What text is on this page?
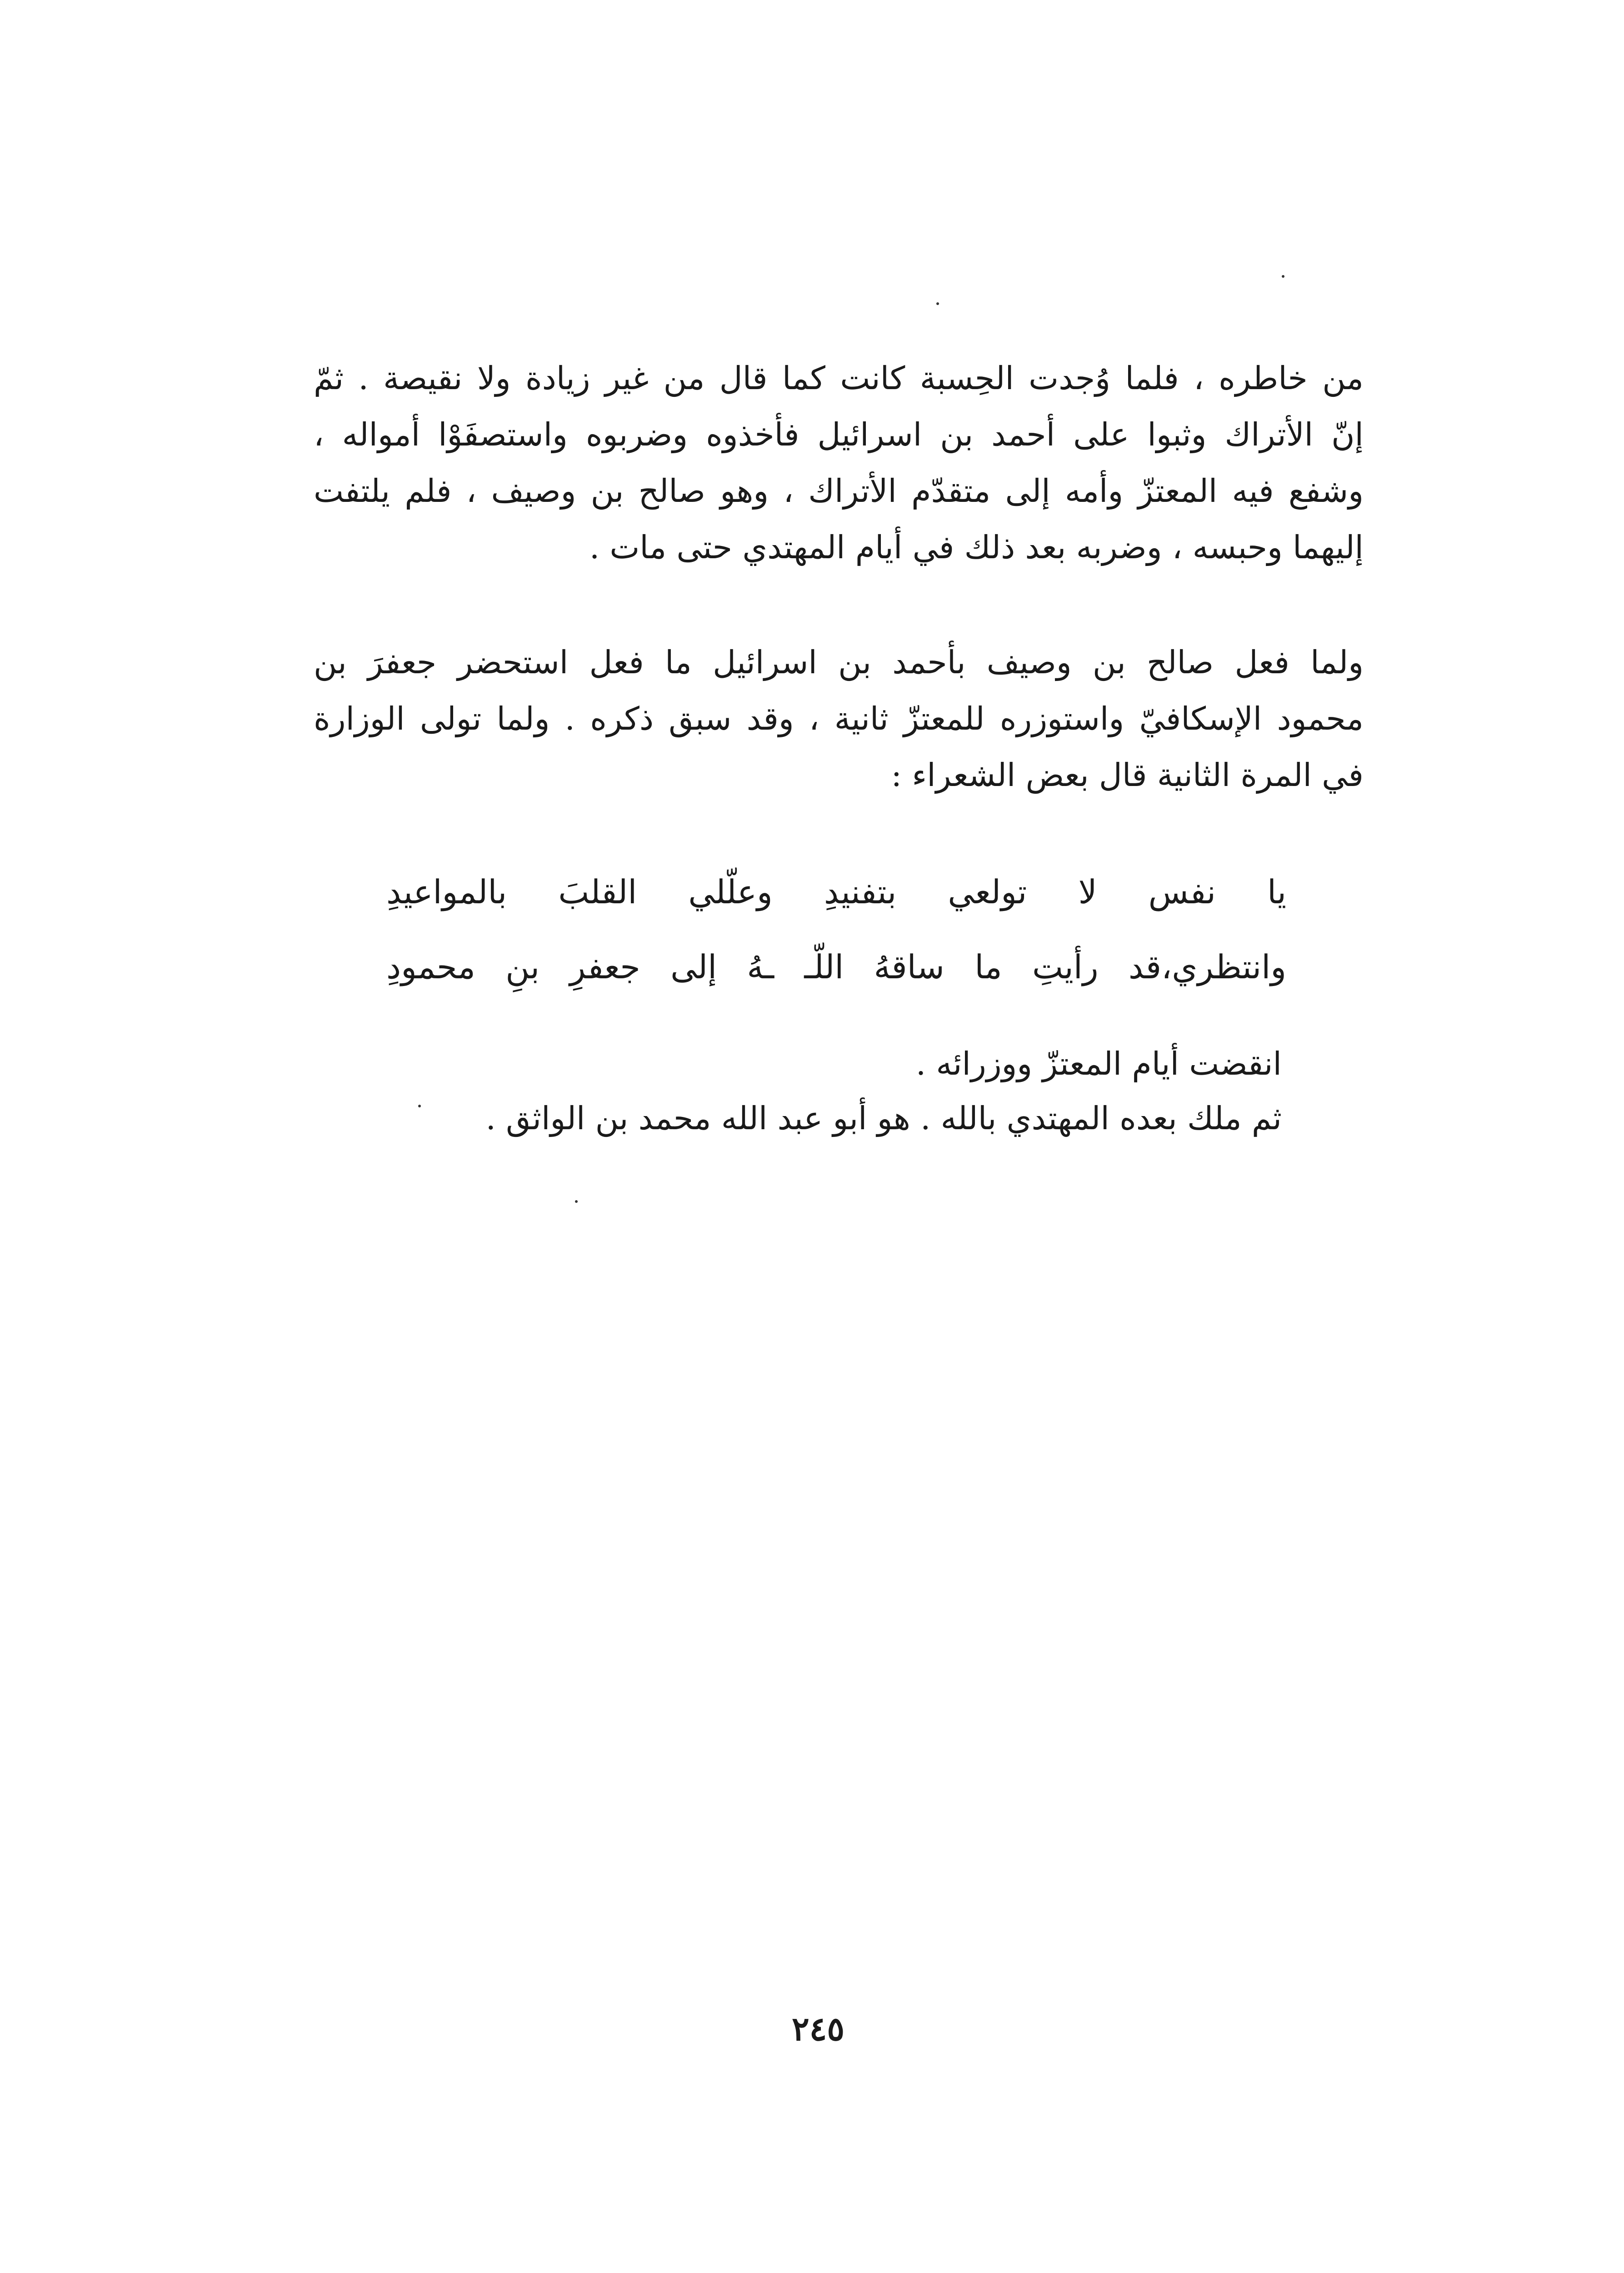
من خاطره ، فلما وُجدت الحِسبة كانت كما قال من غير زيادة ولا نقيصة . ثمّ

إنّ الأتراك وثبوا على أحمد بن اسرائيل فأخذوه وضربوه واستصفَوْا أمواله ،

وشفع فيه المعتزّ وأمه إلى متقدّم الأتراك ، وهو صالح بن وصيف ، فلم يلتفت

إليهما وحبسه ، وضربه بعد ذلك في أيام المهتدي حتى مات .

ولما فعل صالح بن وصيف بأحمد بن اسرائيل ما فعل استحضر جعفرَ بن

محمود الإسكافيّ واستوزره للمعتزّ ثانية ، وقد سبق ذكره . ولما تولى الوزارة

في المرة الثانية قال بعض الشعراء :

يا نفس لا تولعي بتفنيدِ وعلّلي القلبَ بالمواعيدِ
وانتظري،قد رأيتِ ما ساقهُ اللّـ ـهُ إلى جعفرِ بنِ محمودِ
انقضت أيام المعتزّ ووزرائه .
ثم ملك بعده المهتدي بالله . هو أبو عبد الله محمد بن الواثق .
٢٤٥
